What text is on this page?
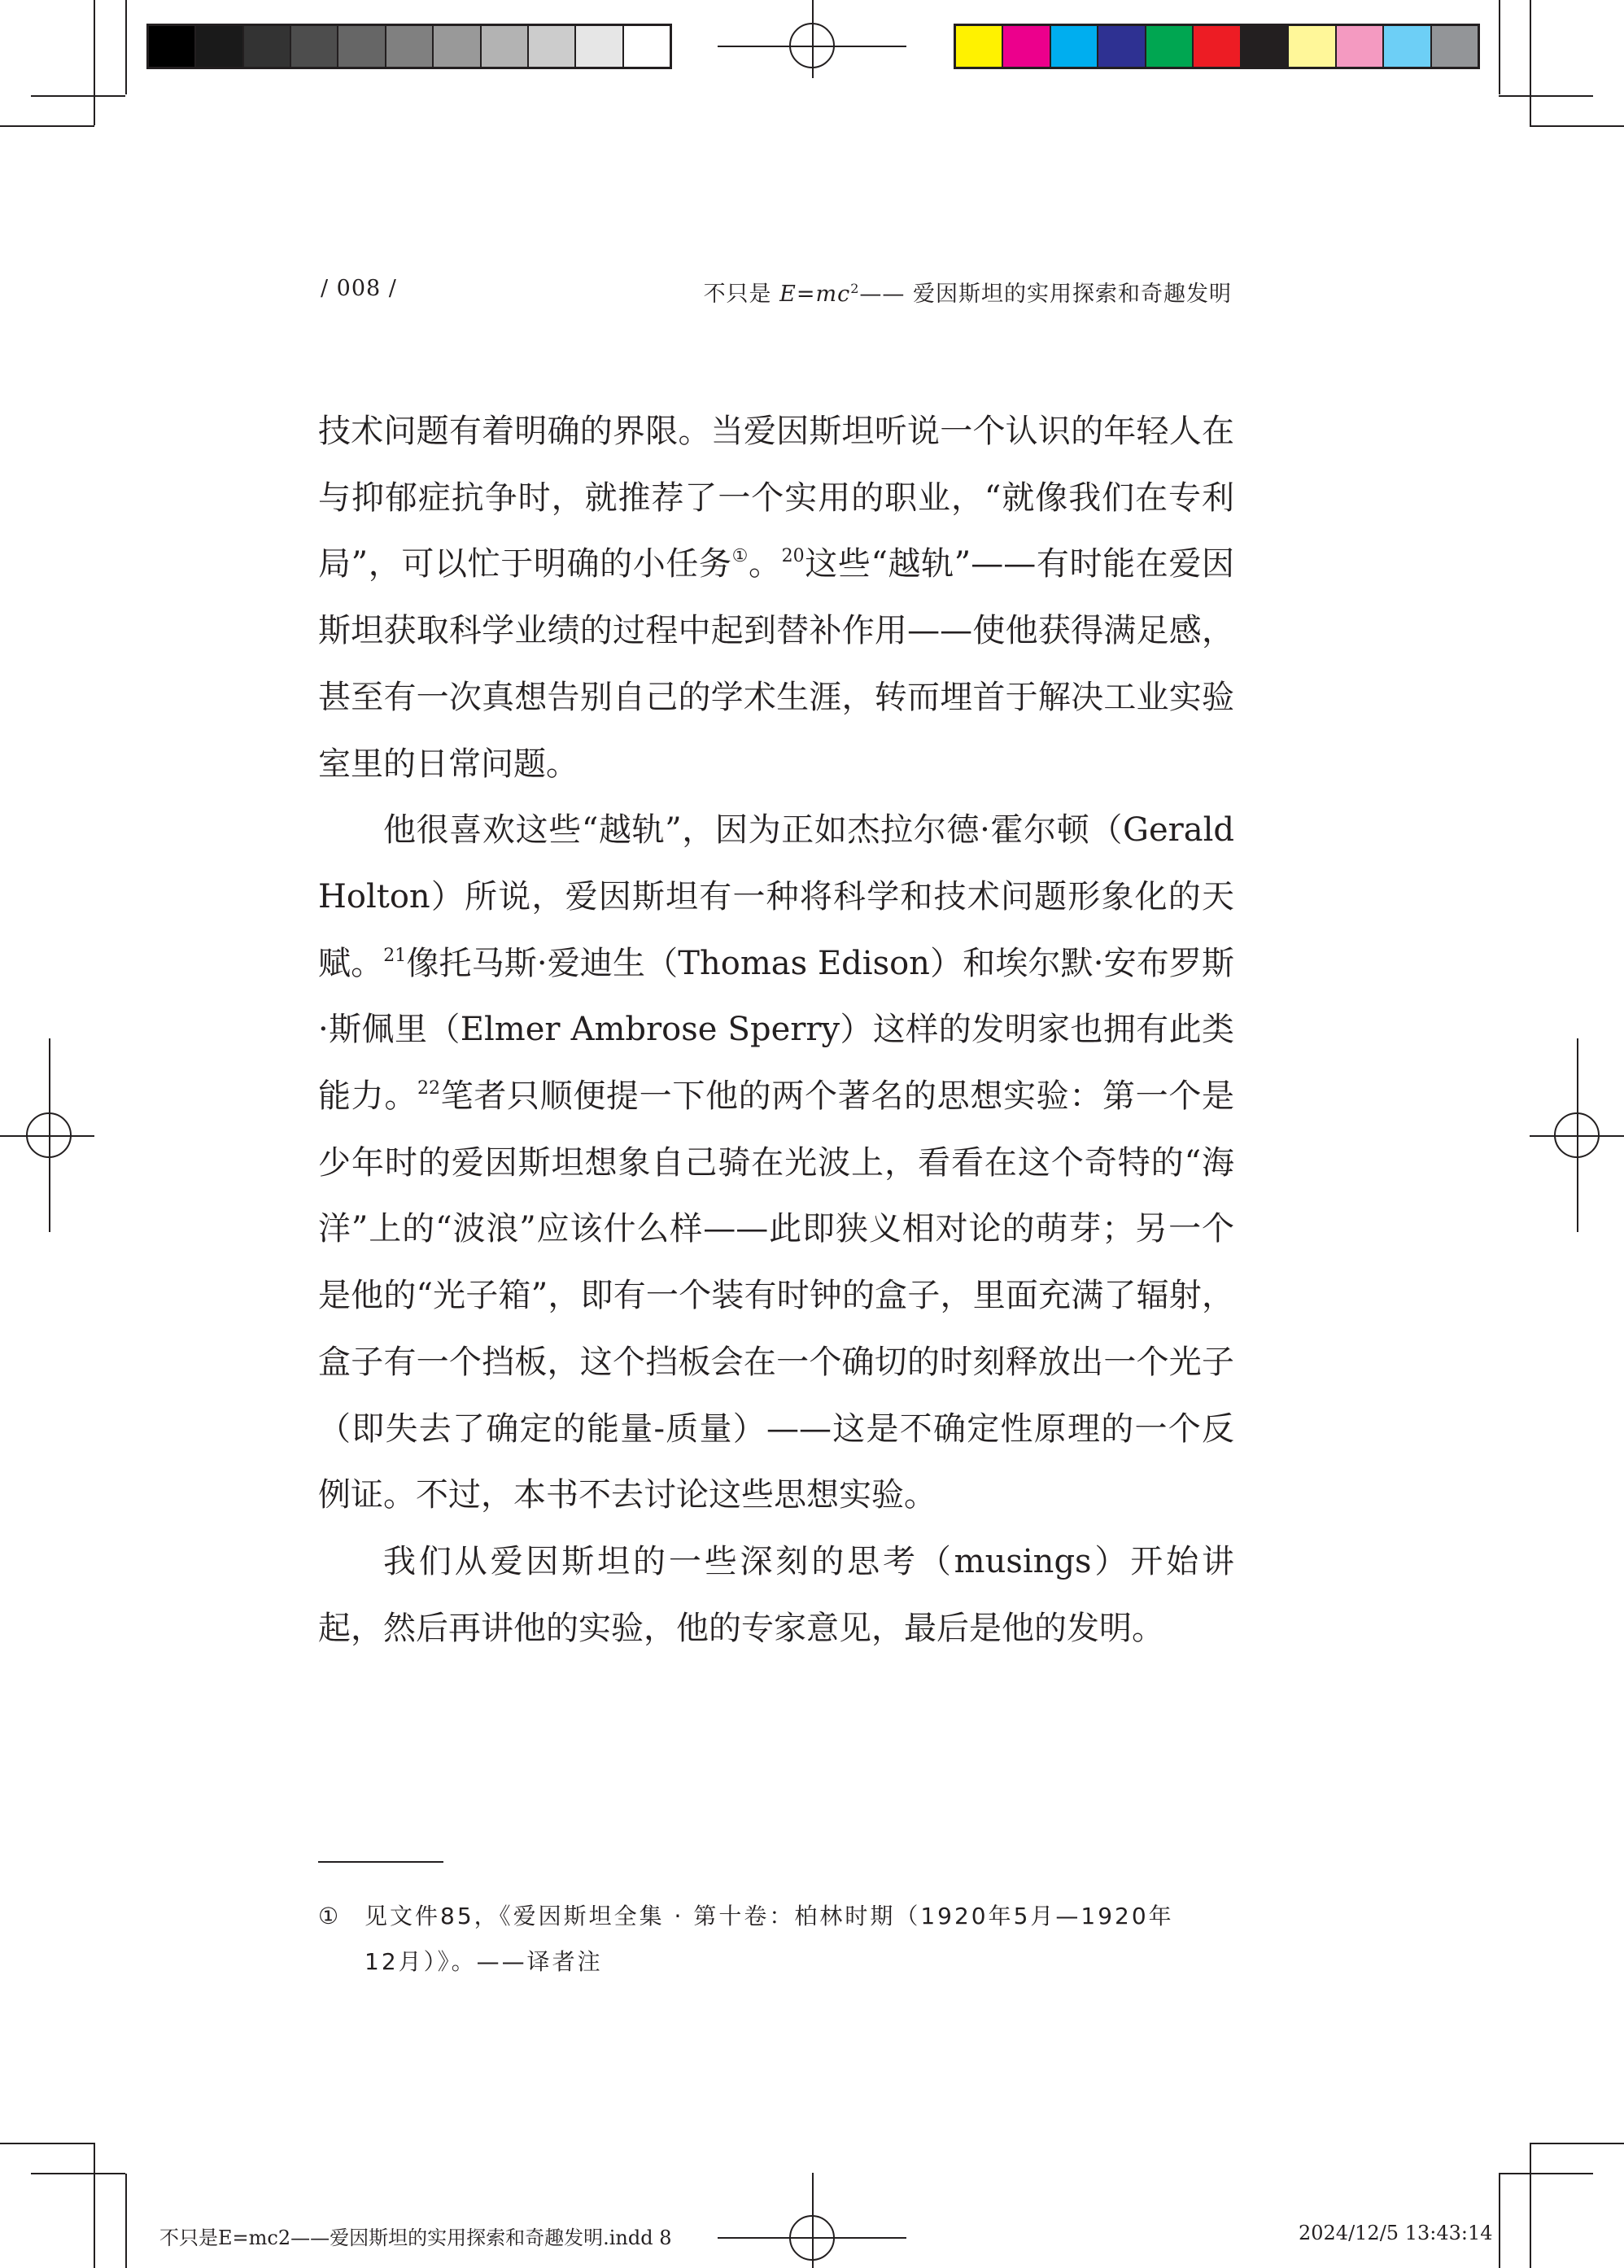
/ 008 /	不只是 $E=mc^2——$ 爱因斯坦的实用探索和奇趣发明

技术问题有着明确的界限。当爱因斯坦听说一个认识的年轻人在与抑郁症抗争时，就推荐了一个实用的职业，“就像我们在专利局”，可以忙于明确的小任务①。$^{20}$这些“越轨”——有时能在爱因斯坦获取科学业绩的过程中起到替补作用——使他获得满足感，甚至有一次真想告别自己的学术生涯，转而埋首于解决工业实验室里的日常问题。

他很喜欢这些“越轨”，因为正如杰拉尔德·霍尔顿（Gerald Holton）所说，爱因斯坦有一种将科学和技术问题形象化的天赋。$^{21}$像托马斯·爱迪生（Thomas Edison）和埃尔默·安布罗斯·斯佩里（Elmer Ambrose Sperry）这样的发明家也拥有此类能力。$^{22}$笔者只顺便提一下他的两个著名的思想实验：第一个是少年时的爱因斯坦想象自己骑在光波上，看看在这个奇特的“海洋”上的“波浪”应该什么样——此即狭义相对论的萌芽；另一个是他的“光子箱”，即有一个装有时钟的盒子，里面充满了辐射，盒子有一个挡板，这个挡板会在一个确切的时刻释放出一个光子（即失去了确定的能量-质量）——这是不确定性原理的一个反例证。不过，本书不去讨论这些思想实验。

我们从爱因斯坦的一些深刻的思考（musings）开始讲起，然后再讲他的实验，他的专家意见，最后是他的发明。

① 见文件85，《爱因斯坦全集 · 第十卷：柏林时期（1920年5月—1920年
12月）》。——译者注
不只是E=mc2——爱因斯坦的实用探索和奇趣发明.indd 8	2024/12/5 13:43:14
